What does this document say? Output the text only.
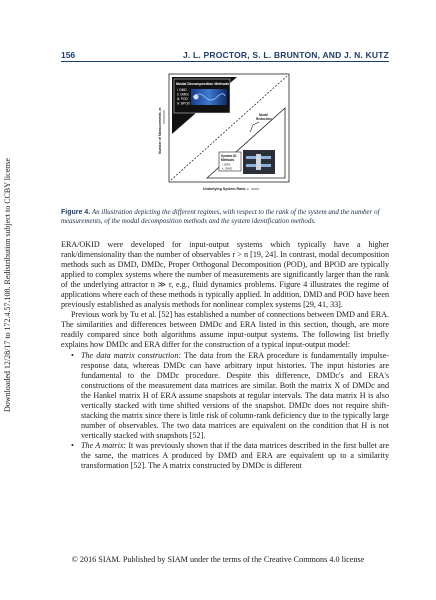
156	J. L. PROCTOR, S. L. BRUNTON, AND J. N. KUTZ
Downloaded 12/28/17 to 172.4.57.108. Redistribution subject to CCBY license
Modal Decomposition Methods
i. DMD
ii. DMDc
iii. POD
iv. BPOD
Model
Reduction
System ID
Methods
i. ERA
ii. OKID
Number of Measurements, m
Underlying System Rank, r
Figure 4. An illustration depicting the different regimes, with respect to the rank of the system and the number of measurements, of the modal decomposition methods and the system identification methods.

ERA/OKID were developed for input-output systems which typically have a higher rank/dimensionality than the number of observables r > n [19, 24]. In contrast, modal decomposition methods such as DMD, DMDc, Proper Orthogonal Decomposition (POD), and BPOD are typically applied to complex systems where the number of measurements are significantly larger than the rank of the underlying attractor n ≫ r, e.g., fluid dynamics problems. Figure 4 illustrates the regime of applications where each of these methods is typically applied. In addition, DMD and POD have been previously established as analysis methods for nonlinear complex systems [29, 41, 33].

Previous work by Tu et al. [52] has established a number of connections between DMD and ERA. The similarities and differences between DMDc and ERA listed in this section, though, are more readily compared since both algorithms assume input-output systems. The following list briefly explains how DMDc and ERA differ for the construction of a typical input-output model:

• The data matrix construction: The data from the ERA procedure is fundamentally impulse-response data, whereas DMDc can have arbitrary input histories. The input histories are fundamental to the DMDc procedure. Despite this difference, DMDc's and ERA's constructions of the measurement data matrices are similar. Both the matrix X of DMDc and the Hankel matrix H of ERA assume snapshots at regular intervals. The data matrix H is also vertically stacked with time shifted versions of the snapshot. DMDc does not require shift-stacking the matrix since there is little risk of column-rank deficiency due to the typically large number of observables. The two data matrices are equivalent on the condition that H is not vertically stacked with snapshots [52].
• The A matrix: It was previously shown that if the data matrices described in the first bullet are the same, the matrices A produced by DMD and ERA are equivalent up to a similarity transformation [52]. The A matrix constructed by DMDc is different
© 2016 SIAM. Published by SIAM under the terms of the Creative Commons 4.0 license
